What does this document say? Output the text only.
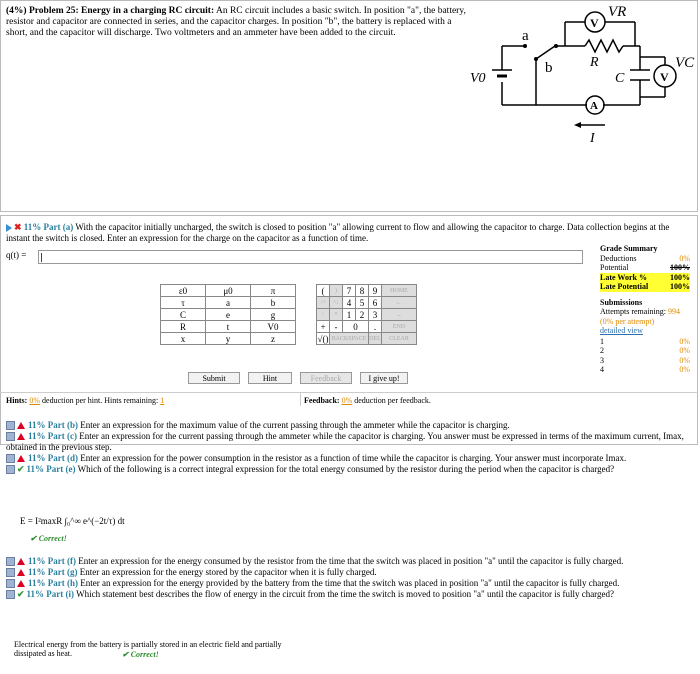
(4%) Problem 25: Energy in a charging RC circuit: An RC circuit includes a basic switch. In position "a", the battery, resistor and capacitor are connected in series, and the capacitor charges. In position "b", the battery is replaced with a short, and the capacitor will discharge. Two voltmeters and an ammeter have been added to the circuit.	a
b	R
C
V0
VR
VC
I
V
V
A
✖ 11% Part (a) With the capacitor initially uncharged, the switch is closed to position "a" allowing current to flow and allowing the capacitor to charge. Data collection begins at the instant the switch is closed. Enter an expression for the charge on the capacitor as a function of time.
q(t) =
Grade Summary
Deductions	0%
Potential	100%
Late Work %	100%
Late Potential	100%
Submissions
Attempts remaining: 994
(0% per attempt)
detailed view
1	0%
2	0%
3	0%
4	0%
ε0	μ0	π
τ	a	b
C	e	g
R	t	V0
x	y	z
(	)	7	8	9	HOME
↑^	^↓	4	5	6	←
/	*	1	2	3	→
+	-	0		.	END
√()	BACKSPACE			DEL	CLEAR
Submit	Hint	Feedback	I give up!
Hints: 0% deduction per hint. Hints remaining: 1	Feedback: 0% deduction per feedback.
11% Part (b) Enter an expression for the maximum value of the current passing through the ammeter while the capacitor is charging.
11% Part (c) Enter an expression for the current passing through the ammeter while the capacitor is charging. You answer must be expressed in terms of the maximum current, Imax, obtained in the previous step.
11% Part (d) Enter an expression for the power consumption in the resistor as a function of time while the capacitor is charging. Your answer must incorporate Imax.
✔ 11% Part (e) Which of the following is a correct integral expression for the total energy consumed by the resistor during the period when the capacitor is charged?
E = I²maxR ∫₀^∞ e^(−2t/τ) dt
✔ Correct!
11% Part (f) Enter an expression for the energy consumed by the resistor from the time that the switch was placed in position "a" until the capacitor is fully charged.
11% Part (g) Enter an expression for the energy stored by the capacitor when it is fully charged.
11% Part (h) Enter an expression for the energy provided by the battery from the time that the switch was placed in position "a" until the capacitor is fully charged.
✔ 11% Part (i) Which statement best describes the flow of energy in the circuit from the time the switch is moved to position "a" until the capacitor is fully charged?
Electrical energy from the battery is partially stored in an electric field and partially dissipated as heat.	✔ Correct!
